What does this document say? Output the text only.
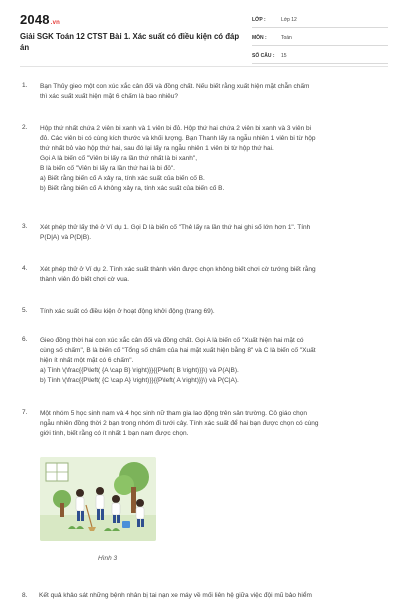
2048.vn
Giải SGK Toán 12 CTST Bài 1. Xác suất có điều kiện có đáp
án
LỚP :	Lớp 12
MÔN :	Toán
SỐ CÂU :	15
1. Bạn Thủy gieo một con xúc xắc cân đối và đồng chất. Nếu biết rằng xuất hiện mặt chẵn chấm
thì xác suất xuất hiện mặt 6 chấm là bao nhiêu?
2. Hộp thứ nhất chứa 2 viên bi xanh và 1 viên bi đỏ. Hộp thứ hai chứa 2 viên bi xanh và 3 viên bi
đỏ. Các viên bi có cùng kích thước và khối lượng. Bạn Thanh lấy ra ngẫu nhiên 1 viên bi từ hộp
thứ nhất bỏ vào hộp thứ hai, sau đó lại lấy ra ngẫu nhiên 1 viên bi từ hộp thứ hai.
Gọi A là biến cố "Viên bi lấy ra lần thứ nhất là bi xanh",
B là biến cố "Viên bi lấy ra lần thứ hai là bi đỏ".
a) Biết rằng biến cố A xảy ra, tính xác suất của biến cố B.
b) Biết rằng biến cố A không xảy ra, tính xác suất của biến cố B.
3. Xét phép thử lấy thẻ ở Ví dụ 1. Gọi D là biến cố "Thẻ lấy ra lần thứ hai ghi số lớn hơn 1". Tính
P(D|A) và P(D|B).
4. Xét phép thử ở Ví dụ 2. Tính xác suất thành viên được chọn không biết chơi cờ tướng biết rằng
thành viên đó biết chơi cờ vua.
5. Tính xác suất có điều kiện ở hoạt động khởi động (trang 69).
6. Gieo đồng thời hai con xúc xắc cân đối và đồng chất. Gọi A là biến cố "Xuất hiện hai mặt có
cùng số chấm", B là biến cố "Tổng số chấm của hai mặt xuất hiện bằng 8" và C là biến cố "Xuất
hiện ít nhất một mặt có 6 chấm".
a) Tính \(\frac{{P\left( {A \cap B} \right)}}{{P\left( B \right)}}\) và P(A|B).
b) Tính \(\frac{{P\left( {C \cap A} \right)}}{{P\left( A \right)}}\) và P(C|A).
7. Một nhóm 5 học sinh nam và 4 học sinh nữ tham gia lao động trên sân trường. Cô giáo chọn
ngẫu nhiên đồng thời 2 bạn trong nhóm đi tưới cây. Tính xác suất để hai bạn được chọn có cùng
giới tính, biết rằng có ít nhất 1 bạn nam được chọn.
Hình 3
8. Kết quả khảo sát những bệnh nhân bị tai nạn xe máy về mối liên hệ giữa việc đội mũ bảo hiểm
